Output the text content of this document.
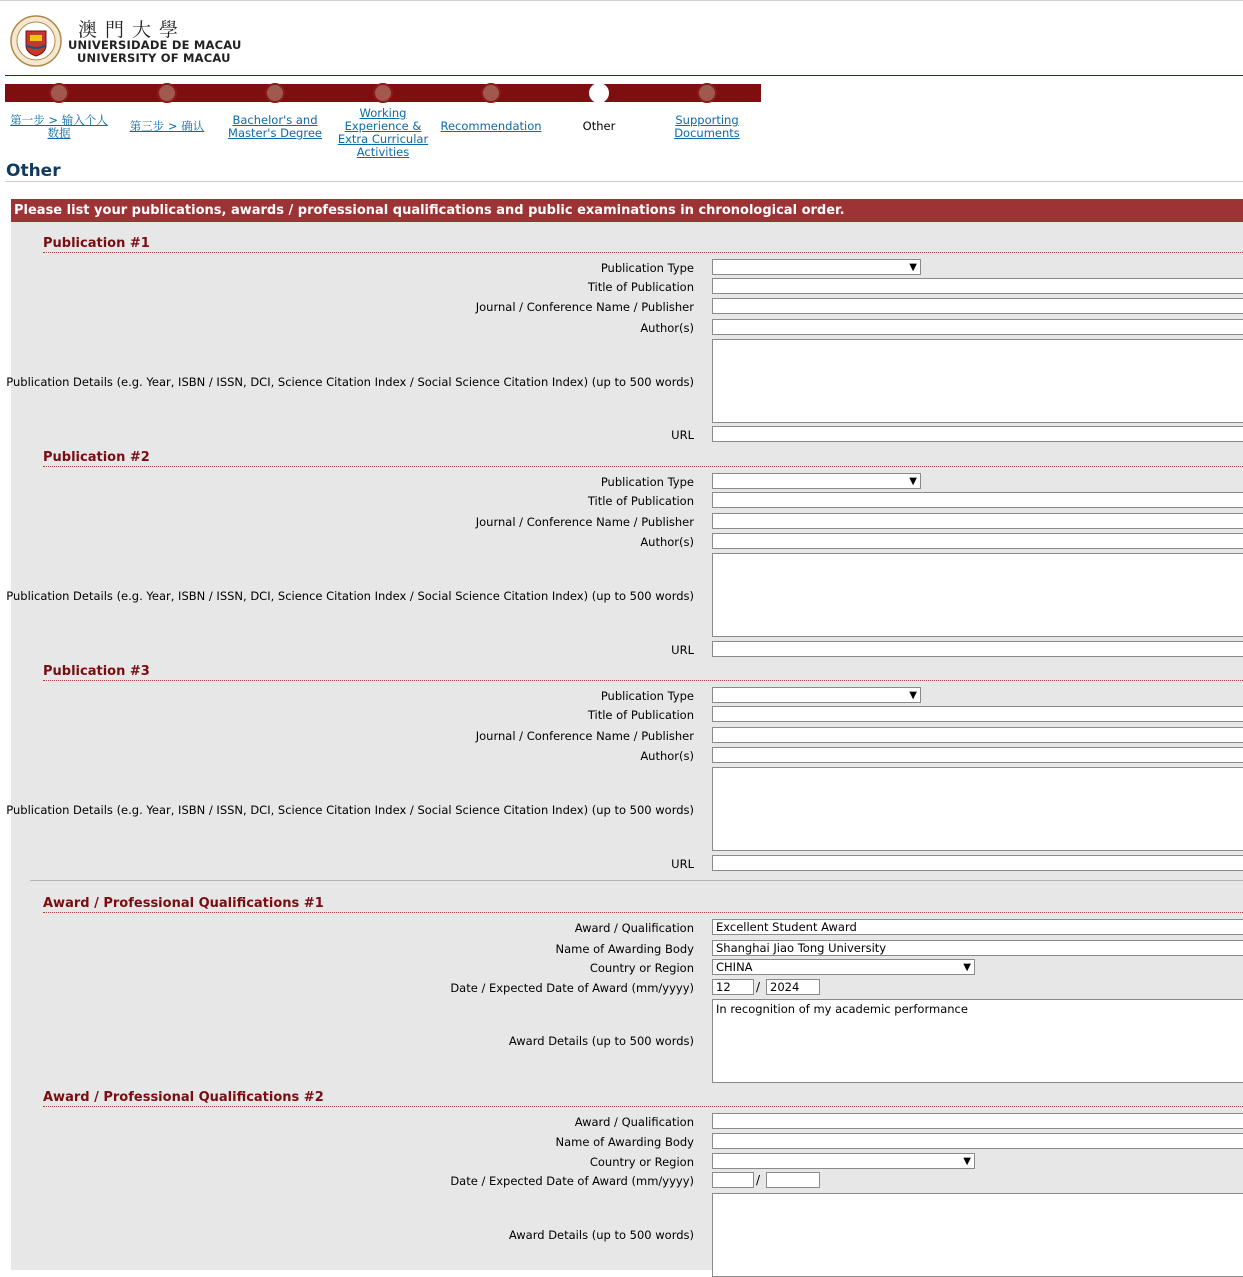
澳門大學
UNIVERSIDADE DE MACAU
UNIVERSITY OF MACAU
第一步 > 输入个人数据	第三步 > 确认	Bachelor's and Master's Degree
Working Experience & Extra Curricular Activities
Recommendation	Other	Supporting Documents
Other
Please list your publications, awards / professional qualifications and public examinations in chronological order.
Publication #1
Publication Type	▼
Title of Publication
Journal / Conference Name / Publisher
Author(s)
Publication Details (e.g. Year, ISBN / ISSN, DCI, Science Citation Index / Social Science Citation Index) (up to 500 words)
URL
Publication #2
Publication Type	▼
Title of Publication
Journal / Conference Name / Publisher
Author(s)
Publication Details (e.g. Year, ISBN / ISSN, DCI, Science Citation Index / Social Science Citation Index) (up to 500 words)
URL
Publication #3
Publication Type	▼
Title of Publication
Journal / Conference Name / Publisher
Author(s)
Publication Details (e.g. Year, ISBN / ISSN, DCI, Science Citation Index / Social Science Citation Index) (up to 500 words)
URL
Award / Professional Qualifications #1
Award / Qualification	Excellent Student Award
Name of Awarding Body	Shanghai Jiao Tong University
Country or Region	CHINA	▼
Date / Expected Date of Award (mm/yyyy)	12	/ 2024
Award Details (up to 500 words)
In recognition of my academic performance
Award / Professional Qualifications #2
Award / Qualification
Name of Awarding Body
Country or Region	▼
Date / Expected Date of Award (mm/yyyy)	/
Award Details (up to 500 words)
